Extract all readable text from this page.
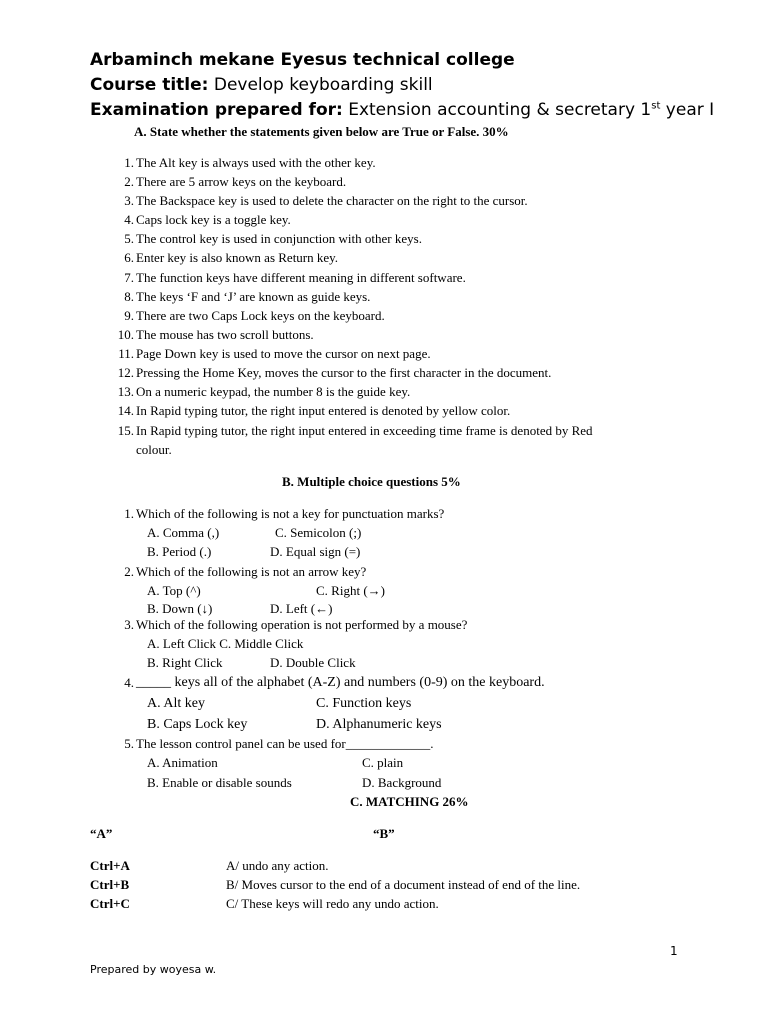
Arbaminch mekane Eyesus technical college
Course title: Develop keyboarding skill
Examination prepared for: Extension accounting & secretary 1st year I
A. State whether the statements given below are True or False. 30%
1. The Alt key is always used with the other key.
2. There are 5 arrow keys on the keyboard.
3. The Backspace key is used to delete the character on the right to the cursor.
4. Caps lock key is a toggle key.
5. The control key is used in conjunction with other keys.
6. Enter key is also known as Return key.
7. The function keys have different meaning in different software.
8. The keys ‘F and ‘J’ are known as guide keys.
9. There are two Caps Lock keys on the keyboard.
10. The mouse has two scroll buttons.
11. Page Down key is used to move the cursor on next page.
12. Pressing the Home Key, moves the cursor to the first character in the document.
13. On a numeric keypad, the number 8 is the guide key.
14. In Rapid typing tutor, the right input entered is denoted by yellow color.
15. In Rapid typing tutor, the right input entered in exceeding time frame is denoted by Red
colour.
B. Multiple choice questions 5%
1. Which of the following is not a key for punctuation marks?
A. Comma (,)	C. Semicolon (;)
B. Period (.)	D. Equal sign (=)
2. Which of the following is not an arrow key?
A. Top (^)	C. Right (→)
B. Down (↓)	D. Left (←)
3. Which of the following operation is not performed by a mouse?
A. Left Click C. Middle Click
B. Right Click	D. Double Click
4. _____ keys all of the alphabet (A-Z) and numbers (0-9) on the keyboard.
A. Alt key	C. Function keys
B. Caps Lock key	D. Alphanumeric keys
5. The lesson control panel can be used for_____________.
A. Animation	C. plain
B. Enable or disable sounds	D. Background
C. MATCHING 26%
“A”	“B”
Ctrl+A	A/ undo any action.
Ctrl+B	B/ Moves cursor to the end of a document instead of end of the line.
Ctrl+C	C/ These keys will redo any undo action.
1
Prepared by woyesa w.
